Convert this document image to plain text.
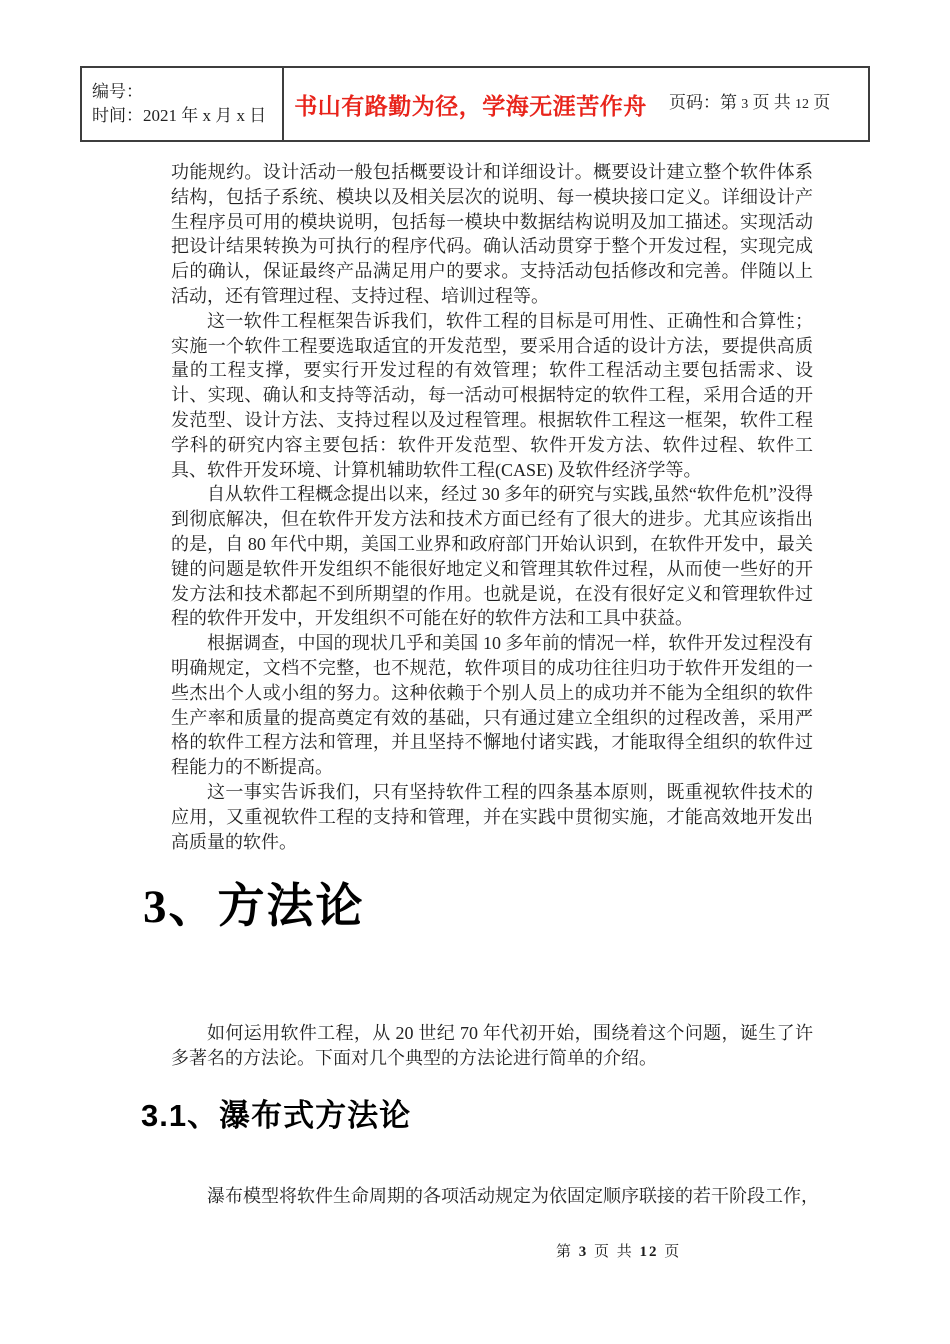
编号：
时间：2021 年 x 月 x 日	书山有路勤为径，学海无涯苦作舟 页码：第 3 页 共 12 页

功能规约。设计活动一般包括概要设计和详细设计。概要设计建立整个软件体系结构，包括子系统、模块以及相关层次的说明、每一模块接口定义。详细设计产生程序员可用的模块说明，包括每一模块中数据结构说明及加工描述。实现活动把设计结果转换为可执行的程序代码。确认活动贯穿于整个开发过程，实现完成后的确认，保证最终产品满足用户的要求。支持活动包括修改和完善。伴随以上活动，还有管理过程、支持过程、培训过程等。

这一软件工程框架告诉我们，软件工程的目标是可用性、正确性和合算性；实施一个软件工程要选取适宜的开发范型，要采用合适的设计方法，要提供高质量的工程支撑，要实行开发过程的有效管理；软件工程活动主要包括需求、设计、实现、确认和支持等活动，每一活动可根据特定的软件工程，采用合适的开发范型、设计方法、支持过程以及过程管理。根据软件工程这一框架，软件工程学科的研究内容主要包括：软件开发范型、软件开发方法、软件过程、软件工具、软件开发环境、计算机辅助软件工程(CASE) 及软件经济学等。

自从软件工程概念提出以来，经过 30 多年的研究与实践,虽然“软件危机”没得到彻底解决，但在软件开发方法和技术方面已经有了很大的进步。尤其应该指出的是，自 80 年代中期，美国工业界和政府部门开始认识到，在软件开发中，最关键的问题是软件开发组织不能很好地定义和管理其软件过程，从而使一些好的开发方法和技术都起不到所期望的作用。也就是说，在没有很好定义和管理软件过程的软件开发中，开发组织不可能在好的软件方法和工具中获益。

根据调查，中国的现状几乎和美国 10 多年前的情况一样，软件开发过程没有明确规定，文档不完整，也不规范，软件项目的成功往往归功于软件开发组的一些杰出个人或小组的努力。这种依赖于个别人员上的成功并不能为全组织的软件生产率和质量的提高奠定有效的基础，只有通过建立全组织的过程改善，采用严格的软件工程方法和管理，并且坚持不懈地付诸实践，才能取得全组织的软件过程能力的不断提高。

这一事实告诉我们，只有坚持软件工程的四条基本原则，既重视软件技术的应用，又重视软件工程的支持和管理，并在实践中贯彻实施，才能高效地开发出高质量的软件。

3、方法论

如何运用软件工程，从 20 世纪 70 年代初开始，围绕着这个问题，诞生了许多著名的方法论。下面对几个典型的方法论进行简单的介绍。

3.1、瀑布式方法论

瀑布模型将软件生命周期的各项活动规定为依固定顺序联接的若干阶段工作，

第 3 页 共 12 页
